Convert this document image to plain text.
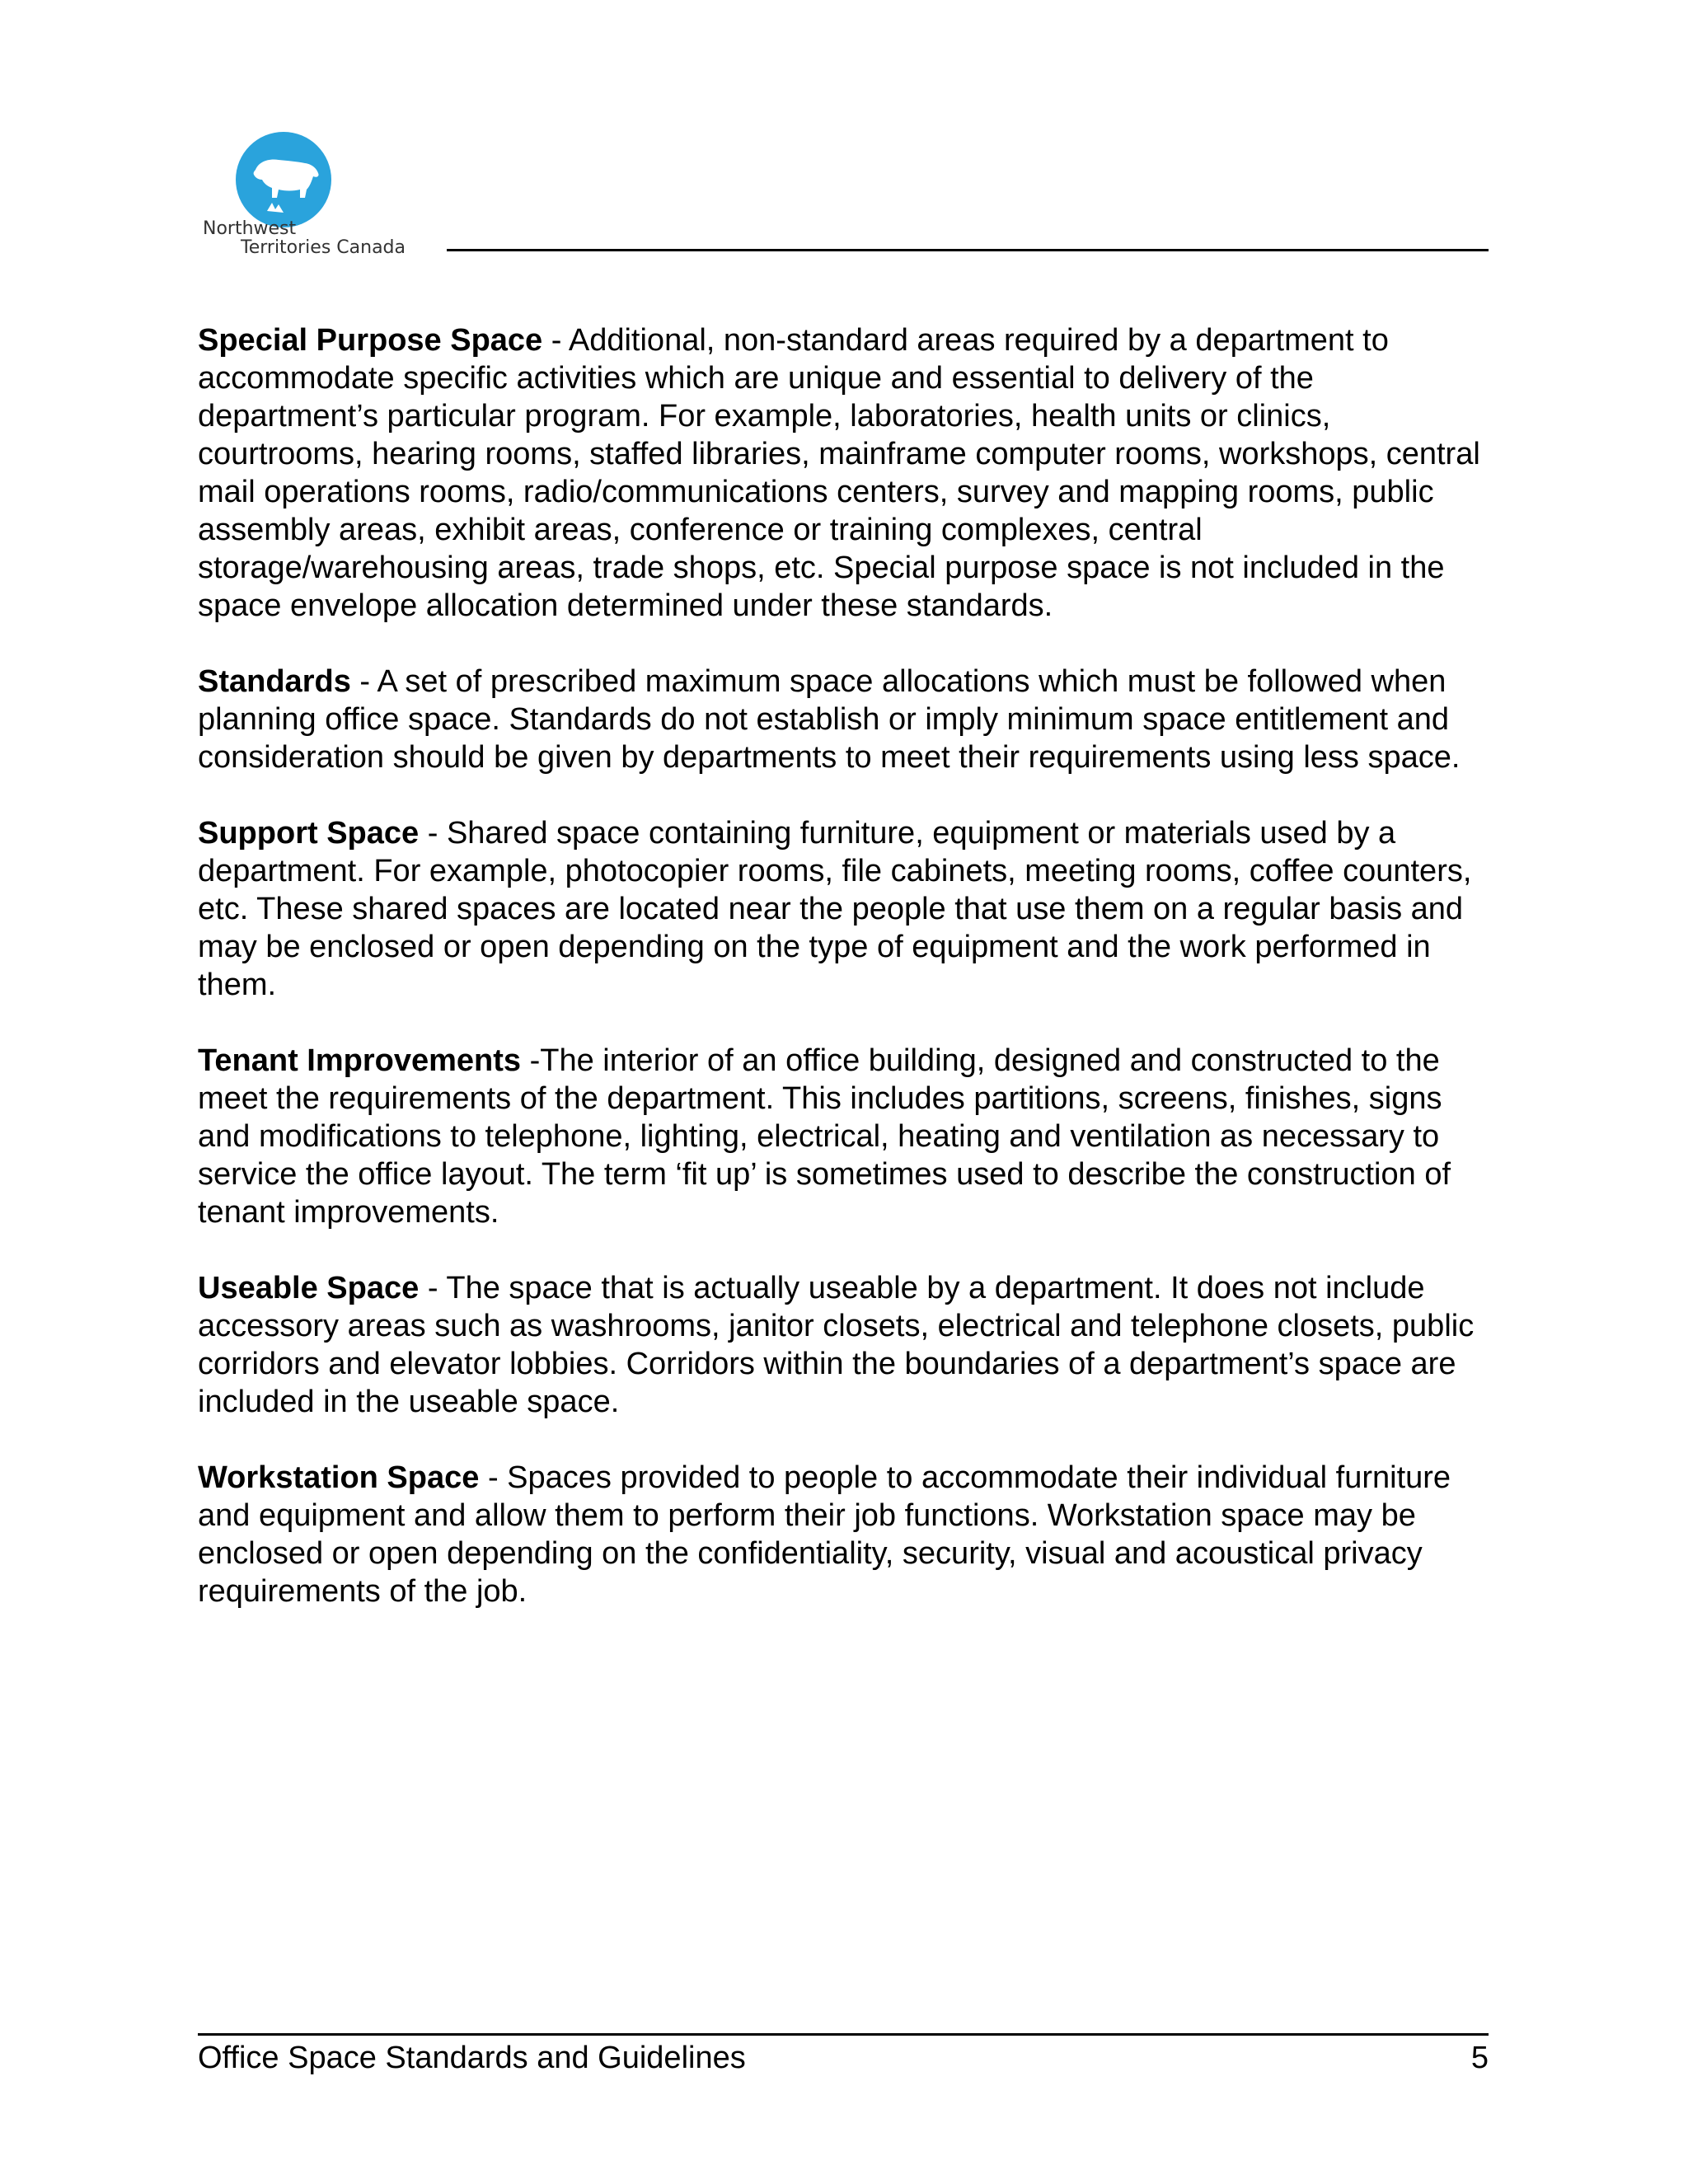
Northwest
Territories Canada

Special Purpose Space - Additional, non-standard areas required by a department to accommodate specific activities which are unique and essential to delivery of the department’s particular program. For example, laboratories, health units or clinics, courtrooms, hearing rooms, staffed libraries, mainframe computer rooms, workshops, central mail operations rooms, radio/communications centers, survey and mapping rooms, public assembly areas, exhibit areas, conference or training complexes, central storage/warehousing areas, trade shops, etc. Special purpose space is not included in the space envelope allocation determined under these standards.

Standards - A set of prescribed maximum space allocations which must be followed when planning office space. Standards do not establish or imply minimum space entitlement and consideration should be given by departments to meet their requirements using less space.

Support Space - Shared space containing furniture, equipment or materials used by a department. For example, photocopier rooms, file cabinets, meeting rooms, coffee counters, etc. These shared spaces are located near the people that use them on a regular basis and may be enclosed or open depending on the type of equipment and the work performed in them.

Tenant Improvements -The interior of an office building, designed and constructed to the meet the requirements of the department. This includes partitions, screens, finishes, signs and modifications to telephone, lighting, electrical, heating and ventilation as necessary to service the office layout. The term ‘fit up’ is sometimes used to describe the construction of tenant improvements.

Useable Space - The space that is actually useable by a department. It does not include accessory areas such as washrooms, janitor closets, electrical and telephone closets, public corridors and elevator lobbies. Corridors within the boundaries of a department’s space are included in the useable space.

Workstation Space - Spaces provided to people to accommodate their individual furniture and equipment and allow them to perform their job functions. Workstation space may be enclosed or open depending on the confidentiality, security, visual and acoustical privacy requirements of the job.

Office Space Standards and Guidelines	5
